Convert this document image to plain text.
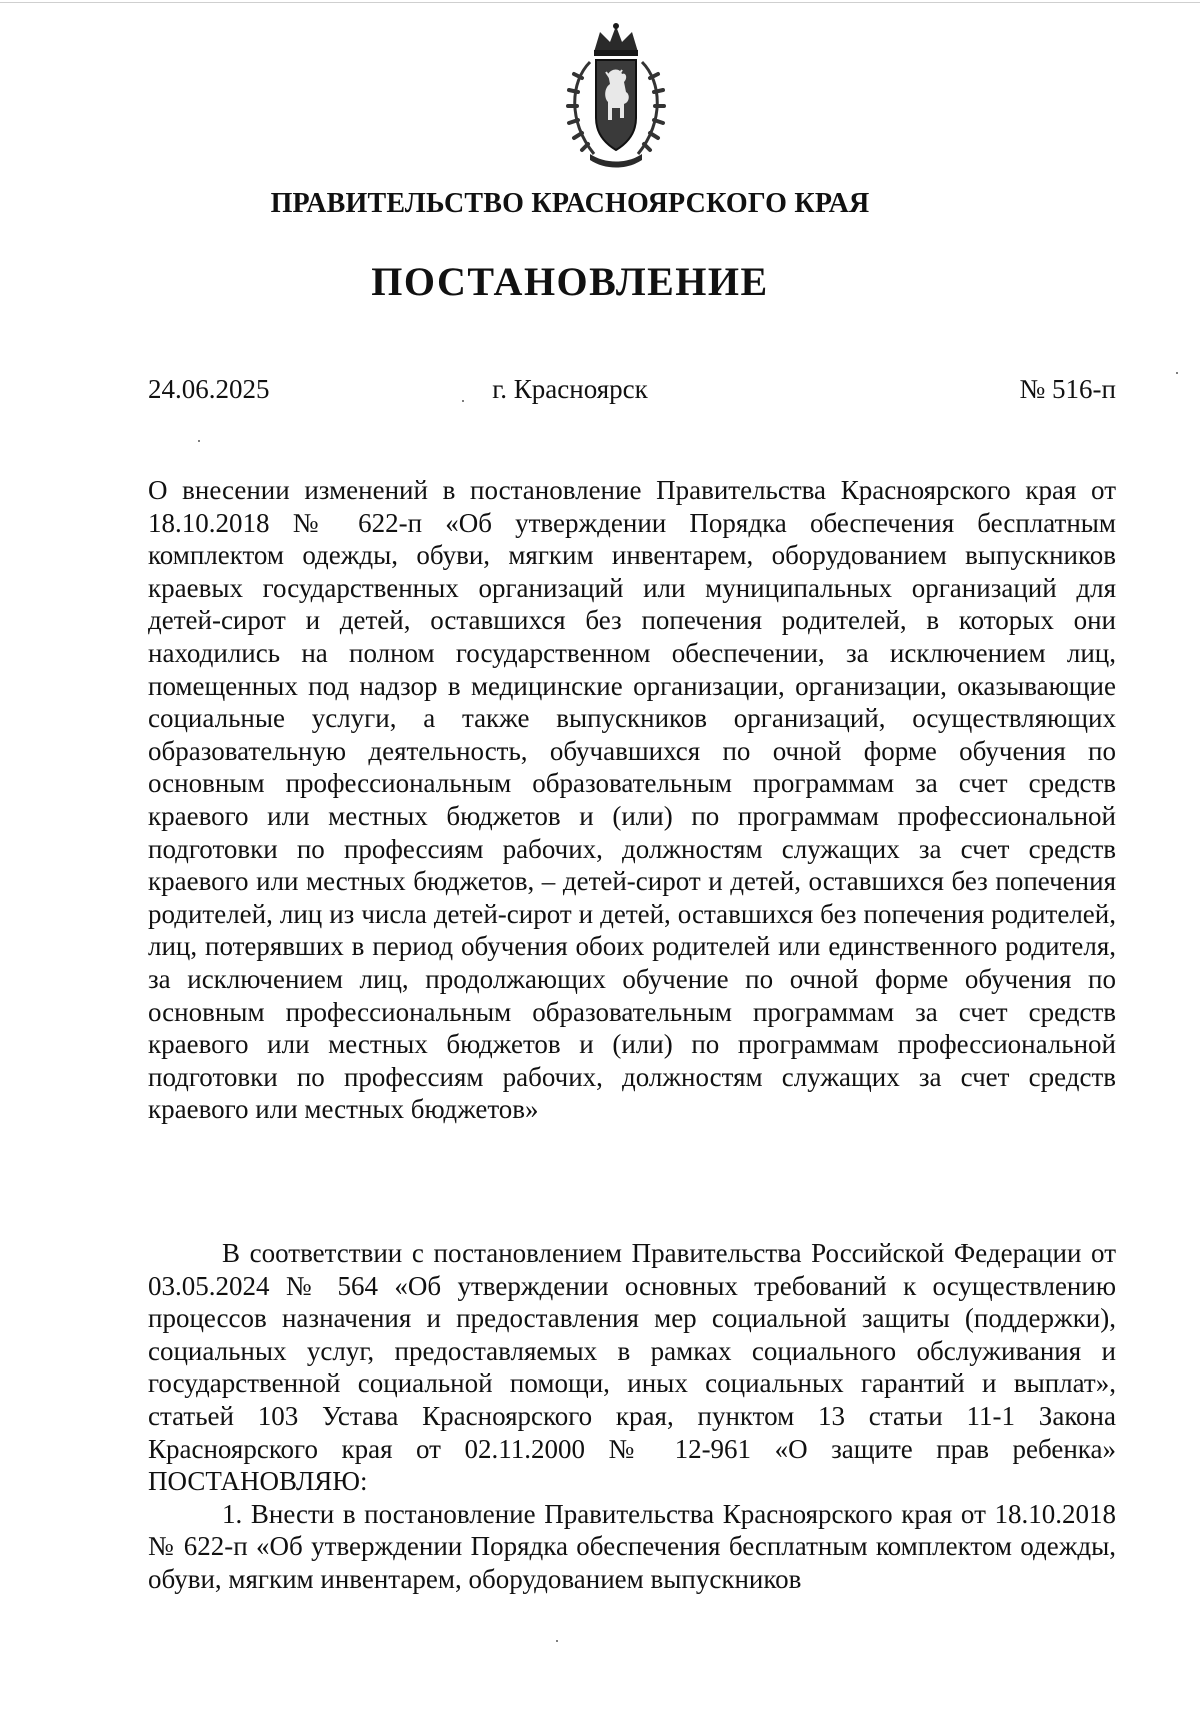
ПРАВИТЕЛЬСТВО КРАСНОЯРСКОГО КРАЯ
ПОСТАНОВЛЕНИЕ
24.06.2025	г. Красноярск	№ 516-п
О внесении изменений в постановление Правительства Красноярского края от 18.10.2018 № 622-п «Об утверждении Порядка обеспечения бесплатным комплектом одежды, обуви, мягким инвентарем, оборудованием выпускников краевых государственных организаций или муниципальных организаций для детей-сирот и детей, оставшихся без попечения родителей, в которых они находились на полном государственном обеспечении, за исключением лиц, помещенных под надзор в медицинские организации, организации, оказывающие социальные услуги, а также выпускников организаций, осуществляющих образовательную деятельность, обучавшихся по очной форме обучения по основным профессиональным образовательным программам за счет средств краевого или местных бюджетов и (или) по программам профессиональной подготовки по профессиям рабочих, должностям служащих за счет средств краевого или местных бюджетов, – детей-сирот и детей, оставшихся без попечения родителей, лиц из числа детей-сирот и детей, оставшихся без попечения родителей, лиц, потерявших в период обучения обоих родителей или единственного родителя, за исключением лиц, продолжающих обучение по очной форме обучения по основным профессиональным образовательным программам за счет средств краевого или местных бюджетов и (или) по программам профессиональной подготовки по профессиям рабочих, должностям служащих за счет средств краевого или местных бюджетов»

В соответствии с постановлением Правительства Российской Федерации от 03.05.2024 № 564 «Об утверждении основных требований к осуществлению процессов назначения и предоставления мер социальной защиты (поддержки), социальных услуг, предоставляемых в рамках социального обслуживания и государственной социальной помощи, иных социальных гарантий и выплат», статьей 103 Устава Красноярского края, пунктом 13 статьи 11-1 Закона Красноярского края от 02.11.2000 № 12-961 «О защите прав ребенка» ПОСТАНОВЛЯЮ:

1. Внести в постановление Правительства Красноярского края от 18.10.2018 № 622-п «Об утверждении Порядка обеспечения бесплатным комплектом одежды, обуви, мягким инвентарем, оборудованием выпускников
